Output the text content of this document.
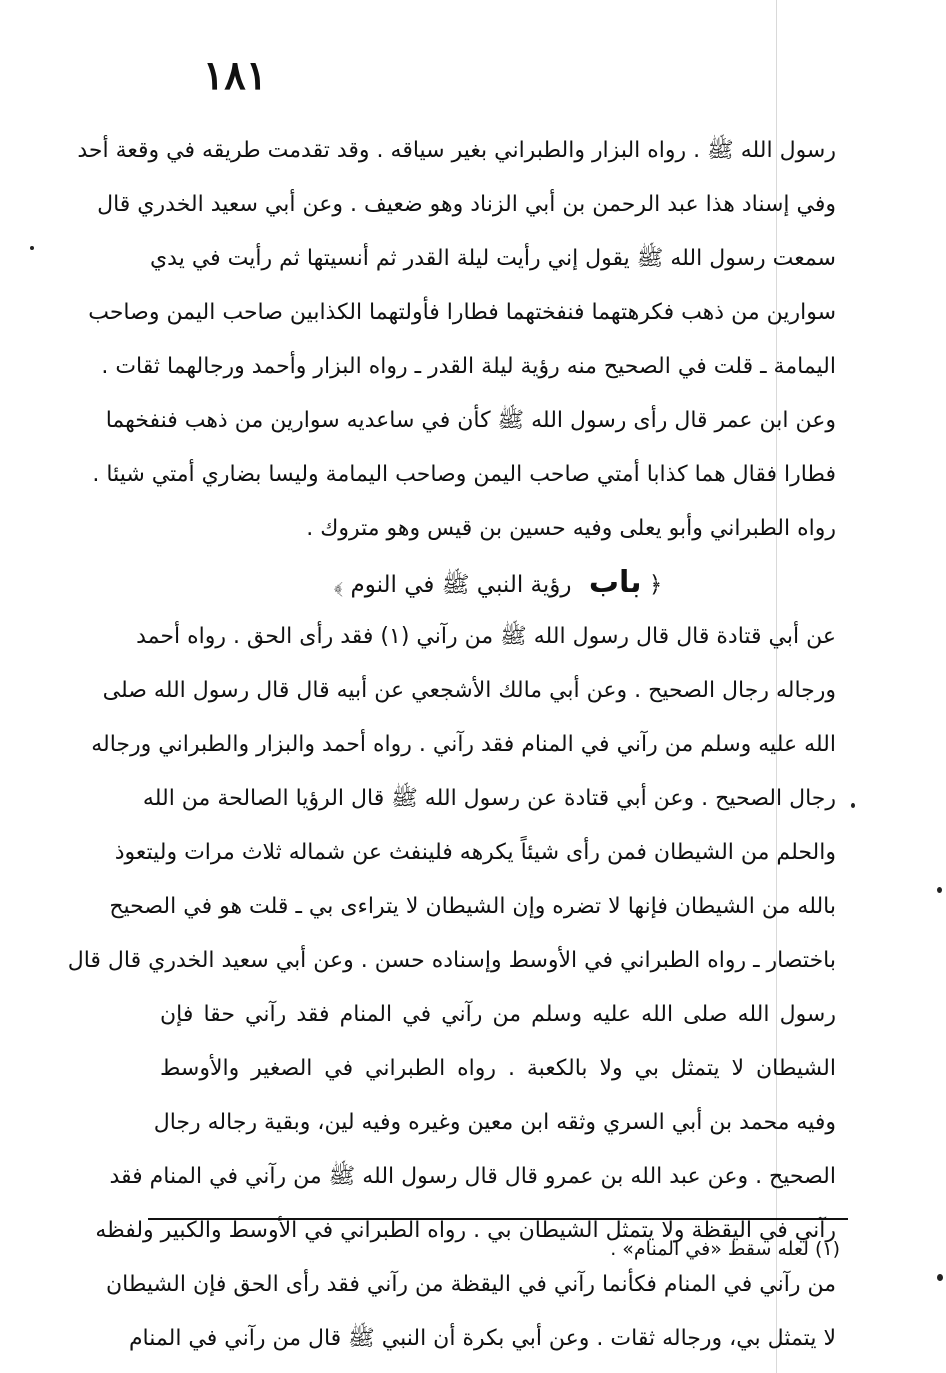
١٨١
رسول الله ﷺ . رواه البزار والطبراني بغير سياقه . وقد تقدمت طريقه في وقعة أحد
وفي إسناد هذا عبد الرحمن بن أبي الزناد وهو ضعيف . وعن أبي سعيد الخدري قال
سمعت رسول الله ﷺ يقول إني رأيت ليلة القدر ثم أنسيتها ثم رأيت في يدي
سوارين من ذهب فكرهتهما فنفختهما فطارا فأولتهما الكذابين صاحب اليمن وصاحب
اليمامة ـ قلت في الصحيح منه رؤية ليلة القدر ـ رواه البزار وأحمد ورجالهما ثقات .
وعن ابن عمر قال رأى رسول الله ﷺ كأن في ساعديه سوارين من ذهب فنفخهما
فطارا فقال هما كذابا أمتي صاحب اليمن وصاحب اليمامة وليسا بضاري أمتي شيئا .
رواه الطبراني وأبو يعلى وفيه حسين بن قيس وهو متروك .
﴿ باب رؤية النبي ﷺ في النوم ﴾
عن أبي قتادة قال قال رسول الله ﷺ من رآني (١) فقد رأى الحق . رواه أحمد
ورجاله رجال الصحيح . وعن أبي مالك الأشجعي عن أبيه قال قال رسول الله صلى
الله عليه وسلم من رآني في المنام فقد رآني . رواه أحمد والبزار والطبراني ورجاله
رجال الصحيح . وعن أبي قتادة عن رسول الله ﷺ قال الرؤيا الصالحة من الله
والحلم من الشيطان فمن رأى شيئاً يكرهه فلينفث عن شماله ثلاث مرات وليتعوذ
بالله من الشيطان فإنها لا تضره وإن الشيطان لا يتراءى بي ـ قلت هو في الصحيح
باختصار ـ رواه الطبراني في الأوسط وإسناده حسن . وعن أبي سعيد الخدري قال قال
رسول الله صلى الله عليه وسلم من رآني في المنام فقد رآني حقا فإن
الشيطان لا يتمثل بي ولا بالكعبة . رواه الطبراني في الصغير والأوسط
وفيه محمد بن أبي السري وثقه ابن معين وغيره وفيه لين، وبقية رجاله رجال
الصحيح . وعن عبد الله بن عمرو قال قال رسول الله ﷺ من رآني في المنام فقد
رآني في اليقظة ولا يتمثل الشيطان بي . رواه الطبراني في الأوسط والكبير ولفظه
من رآني في المنام فكأنما رآني في اليقظة من رآني فقد رأى الحق فإن الشيطان
لا يتمثل بي، ورجاله ثقات . وعن أبي بكرة أن النبي ﷺ قال من رآني في المنام
(١) لعله سقط «في المنام» .
